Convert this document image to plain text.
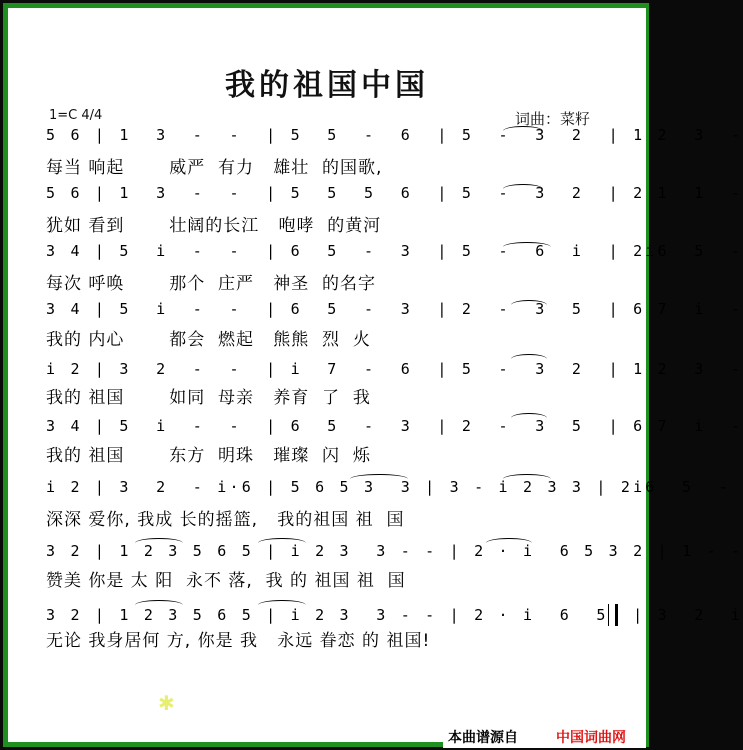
我的祖国中国
1=C 4/4	词曲：菜籽
5 6 | 1  3  -  -  | 5  5  -  6  | 5  -  3  2  | 1 2  3  -
每当 响起       威严  有力   雄壮  的国歌,
5 6 | 1  3  -  -  | 5  5  5  6  | 5  -  3  2  | 2 1  1  -
犹如 看到       壮阔的长江   咆哮  的黄河
3 4 | 5  i  -  -  | 6  5  -  3  | 5  -  6  i  | 2i6  5  -
每次 呼唤       那个  庄严   神圣  的名字
3 4 | 5  i  -  -  | 6  5  -  3  | 2  -  3  5  | 6 7  i  -
我的 内心       都会  燃起   熊熊  烈  火
i 2 | 3  2  -  -  | i  7  -  6  | 5  -  3  2  | 1 2  3  -
我的 祖国       如同  母亲   养育  了  我
3 4 | 5  i  -  -  | 6  5  -  3  | 2  -  3  5  | 6 7  i  -
我的 祖国       东方  明珠   璀璨  闪  烁
i 2 | 3  2  - i·6 | 5 6 5 3  3 | 3 - i 2 3 3 | 2i6  5  -
深深 爱你, 我成 长的摇篮,   我的祖国 祖  国
3 2 | 1 2 3 5 6 5 | i 2 3  3 - - | 2 · i  6 5 3 2 | 1 - -
赞美 你是 太 阳  永不 落,  我 的 祖国 祖  国
3 2 | 1 2 3 5 6 5 | i 2 3  3 - - | 2 · i  6  5  | 3  2  i
无论 我身居何 方, 你是 我   永远 眷恋 的 祖国!
✱
本曲谱源自	中国词曲网
